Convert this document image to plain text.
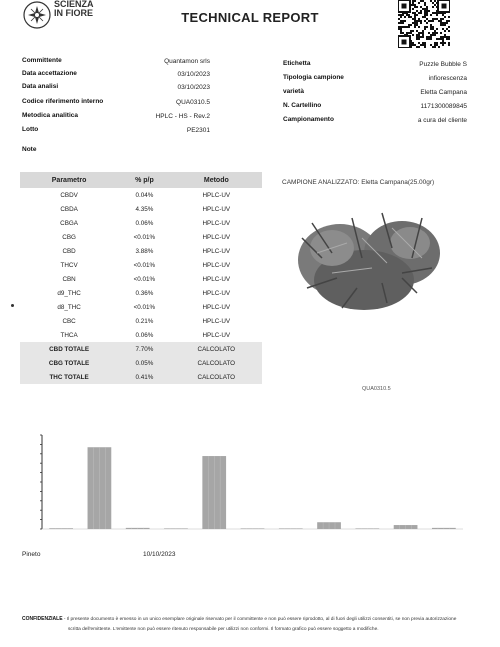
SCIENZA
IN FIORE	TECHNICAL REPORT
Committente	Quantamon srls
Data accettazione	03/10/2023
Data analisi	03/10/2023
Codice riferimento interno	QUA0310.5
Metodica analitica	HPLC - HS - Rev.2
Lotto	PE2301
Note
Etichetta	Puzzle Bubble S
Tipologia campione	infiorescenza
varietà	Eletta Campana
N. Cartellino	1171300089845
Campionamento	a cura del cliente
Parametro	% p/p	Metodo
CBDV	0.04%	HPLC-UV
CBDA	4.35%	HPLC-UV
CBGA	0.06%	HPLC-UV
CBG	<0.01%	HPLC-UV
CBD	3.88%	HPLC-UV
THCV	<0.01%	HPLC-UV
CBN	<0.01%	HPLC-UV
d9_THC	0.36%	HPLC-UV
d8_THC	<0.01%	HPLC-UV
CBC	0.21%	HPLC-UV
THCA	0.06%	HPLC-UV
CBD TOTALE	7.70%	CALCOLATO
CBG TOTALE	0.05%	CALCOLATO
THC TOTALE	0.41%	CALCOLATO
CAMPIONE ANALIZZATO: Eletta Campana(25.00gr)
QUA0310.5
Pineto	10/10/2023
CONFIDENZIALE - Il presente documento è emesso in un unico esemplare originale riservato per il committente e non può essere riprodotto, al di fuori degli utilizzi consentiti, se non previa autorizzazione
scritta dell'emittente. L'emittente non può essere ritenuto responsabile per utilizzi non conformi. Il formato grafico può essere soggetto a modifiche.
